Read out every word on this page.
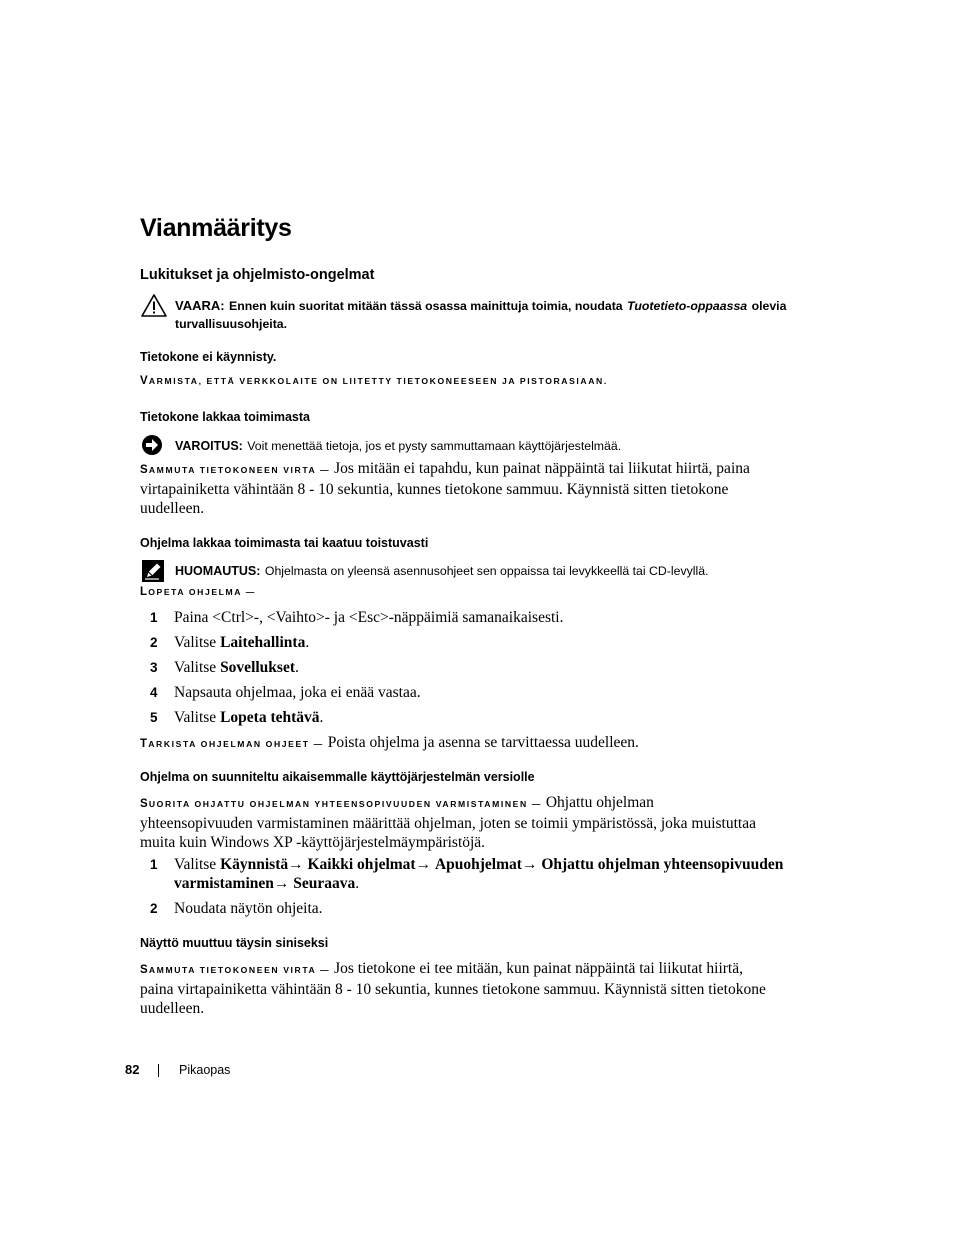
Vianmääritys
Lukitukset ja ohjelmisto-ongelmat
VAARA: Ennen kuin suoritat mitään tässä osassa mainittuja toimia, noudata Tuotetieto-oppaassa olevia
turvallisuusohjeita.
Tietokone ei käynnisty.
VARMISTA, ETTÄ VERKKOLAITE ON LIITETTY TIETOKONEESEEN JA PISTORASIAAN.
Tietokone lakkaa toimimasta
VAROITUS: Voit menettää tietoja, jos et pysty sammuttamaan käyttöjärjestelmää.
SAMMUTA TIETOKONEEN VIRTA — Jos mitään ei tapahdu, kun painat näppäintä tai liikutat hiirtä, paina
virtapainiketta vähintään 8 - 10 sekuntia, kunnes tietokone sammuu. Käynnistä sitten tietokone
uudelleen.
Ohjelma lakkaa toimimasta tai kaatuu toistuvasti
HUOMAUTUS: Ohjelmasta on yleensä asennusohjeet sen oppaissa tai levykkeellä tai CD-levyllä.
LOPETA OHJELMA —
1 Paina <Ctrl>-, <Vaihto>- ja <Esc>-näppäimiä samanaikaisesti.
2 Valitse Laitehallinta.
3 Valitse Sovellukset.
4 Napsauta ohjelmaa, joka ei enää vastaa.
5 Valitse Lopeta tehtävä.
TARKISTA OHJELMAN OHJEET — Poista ohjelma ja asenna se tarvittaessa uudelleen.
Ohjelma on suunniteltu aikaisemmalle käyttöjärjestelmän versiolle
SUORITA OHJATTU OHJELMAN YHTEENSOPIVUUDEN VARMISTAMINEN — Ohjattu ohjelman
yhteensopivuuden varmistaminen määrittää ohjelman, joten se toimii ympäristössä, joka muistuttaa
muita kuin Windows XP -käyttöjärjestelmäympäristöjä.
1 Valitse Käynnistä→ Kaikki ohjelmat→ Apuohjelmat→ Ohjattu ohjelman yhteensopivuuden
varmistaminen→ Seuraava.
2 Noudata näytön ohjeita.
Näyttö muuttuu täysin siniseksi
SAMMUTA TIETOKONEEN VIRTA — Jos tietokone ei tee mitään, kun painat näppäintä tai liikutat hiirtä,
paina virtapainiketta vähintään 8 - 10 sekuntia, kunnes tietokone sammuu. Käynnistä sitten tietokone
uudelleen.
82	Pikaopas
